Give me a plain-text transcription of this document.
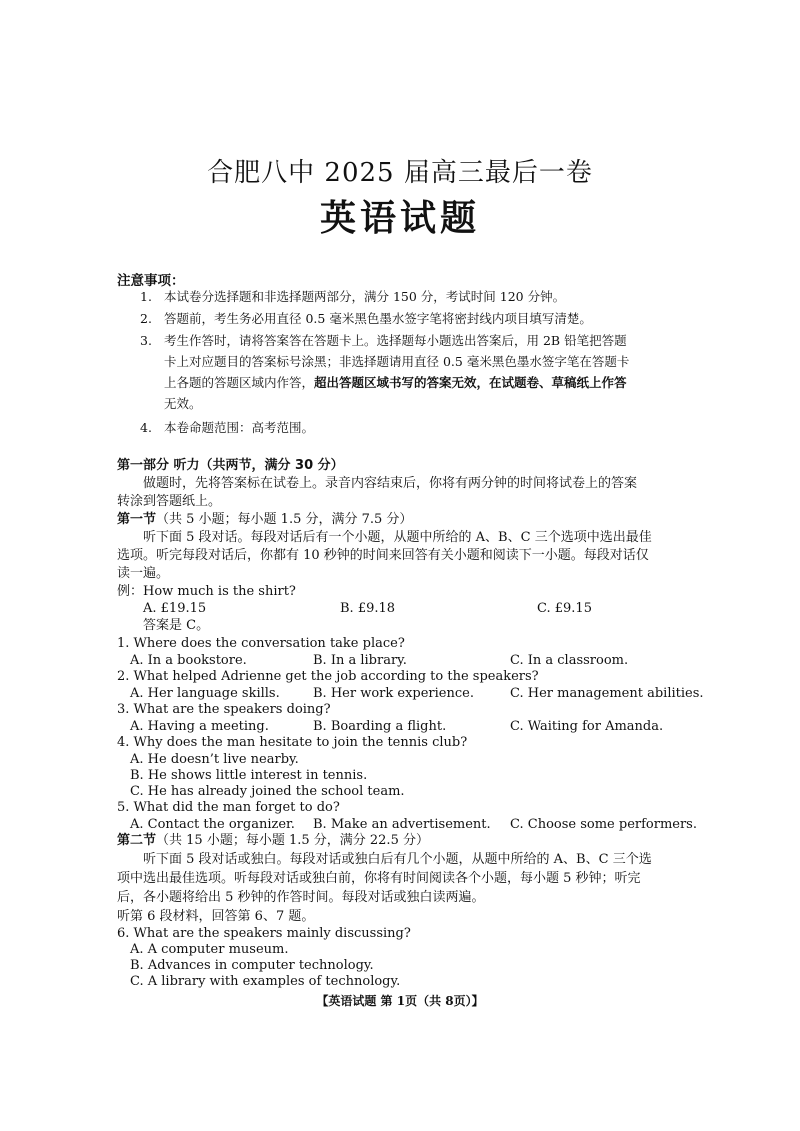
合肥八中 2025 届高三最后一卷
英语试题
注意事项：
1. 本试卷分选择题和非选择题两部分，满分 150 分，考试时间 120 分钟。
2. 答题前，考生务必用直径 0.5 毫米黑色墨水签字笔将密封线内项目填写清楚。
3. 考生作答时，请将答案答在答题卡上。选择题每小题选出答案后，用 2B 铅笔把答题
卡上对应题目的答案标号涂黑；非选择题请用直径 0.5 毫米黑色墨水签字笔在答题卡
上各题的答题区域内作答，超出答题区域书写的答案无效，在试题卷、草稿纸上作答
无效。
4. 本卷命题范围：高考范围。
第一部分 听力（共两节，满分 30 分）
做题时，先将答案标在试卷上。录音内容结束后，你将有两分钟的时间将试卷上的答案
转涂到答题纸上。
第一节（共 5 小题；每小题 1.5 分，满分 7.5 分）
听下面 5 段对话。每段对话后有一个小题，从题中所给的 A、B、C 三个选项中选出最佳
选项。听完每段对话后，你都有 10 秒钟的时间来回答有关小题和阅读下一小题。每段对话仅
读一遍。
例：How much is the shirt?
A. £19.15	B. £9.18	C. £9.15
答案是 C。
1. Where does the conversation take place?
A. In a bookstore.	B. In a library.	C. In a classroom.
2. What helped Adrienne get the job according to the speakers?
A. Her language skills.	B. Her work experience.	C. Her management abilities.
3. What are the speakers doing?
A. Having a meeting.	B. Boarding a flight.	C. Waiting for Amanda.
4. Why does the man hesitate to join the tennis club?
A. He doesn’t live nearby.
B. He shows little interest in tennis.
C. He has already joined the school team.
5. What did the man forget to do?
A. Contact the organizer. B. Make an advertisement. C. Choose some performers.
第二节（共 15 小题；每小题 1.5 分，满分 22.5 分）
听下面 5 段对话或独白。每段对话或独白后有几个小题，从题中所给的 A、B、C 三个选
项中选出最佳选项。听每段对话或独白前，你将有时间阅读各个小题，每小题 5 秒钟；听完
后，各小题将给出 5 秒钟的作答时间。每段对话或独白读两遍。
听第 6 段材料，回答第 6、7 题。
6. What are the speakers mainly discussing?
A. A computer museum.
B. Advances in computer technology.
C. A library with examples of technology.
【英语试题 第 1页（共 8页）】
